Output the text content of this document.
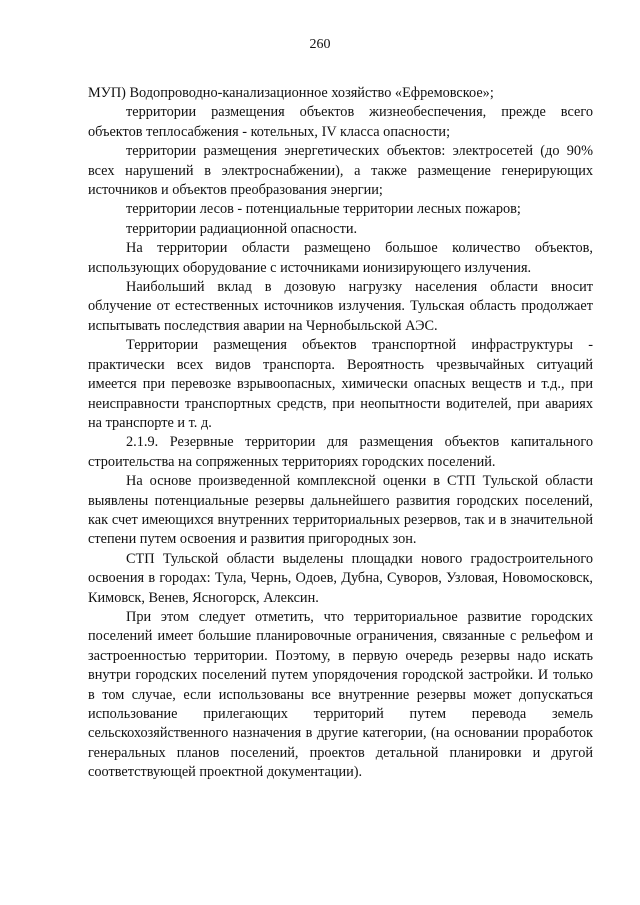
260

МУП) Водопроводно-канализационное хозяйство «Ефремовское»;

территории размещения объектов жизнеобеспечения, прежде всего объектов теплосабжения - котельных, IV класса опасности;

территории размещения энергетических объектов: электросетей (до 90% всех нарушений в электроснабжении), а также размещение генерирующих источников и объектов преобразования энергии;

территории лесов - потенциальные территории лесных пожаров;

территории радиационной опасности.

На территории области размещено большое количество объектов, использующих оборудование с источниками ионизирующего излучения.

Наибольший вклад в дозовую нагрузку населения области вносит облучение от естественных источников излучения. Тульская область продолжает испытывать последствия аварии на Чернобыльской АЭС.

Территории размещения объектов транспортной инфраструктуры - практически всех видов транспорта. Вероятность чрезвычайных ситуаций имеется при перевозке взрывоопасных, химически опасных веществ и т.д., при неисправности транспортных средств, при неопытности водителей, при авариях на транспорте и т. д.

2.1.9. Резервные территории для размещения объектов капитального строительства на сопряженных территориях городских поселений.

На основе произведенной комплексной оценки в СТП Тульской области выявлены потенциальные резервы дальнейшего развития городских поселений, как счет имеющихся внутренних территориальных резервов, так и в значительной степени путем освоения и развития пригородных зон.

СТП Тульской области выделены площадки нового градостроительного освоения в городах: Тула, Чернь, Одоев, Дубна, Суворов, Узловая, Новомосковск, Кимовск, Венев, Ясногорск, Алексин.

При этом следует отметить, что территориальное развитие городских поселений имеет большие планировочные ограничения, связанные с рельефом и застроенностью территории. Поэтому, в первую очередь резервы надо искать внутри городских поселений путем упорядочения городской застройки. И только в том случае, если использованы все внутренние резервы может допускаться использование прилегающих территорий путем перевода земель сельскохозяйственного назначения в другие категории, (на основании проработок генеральных планов поселений, проектов детальной планировки и другой соответствующей проектной документации).
